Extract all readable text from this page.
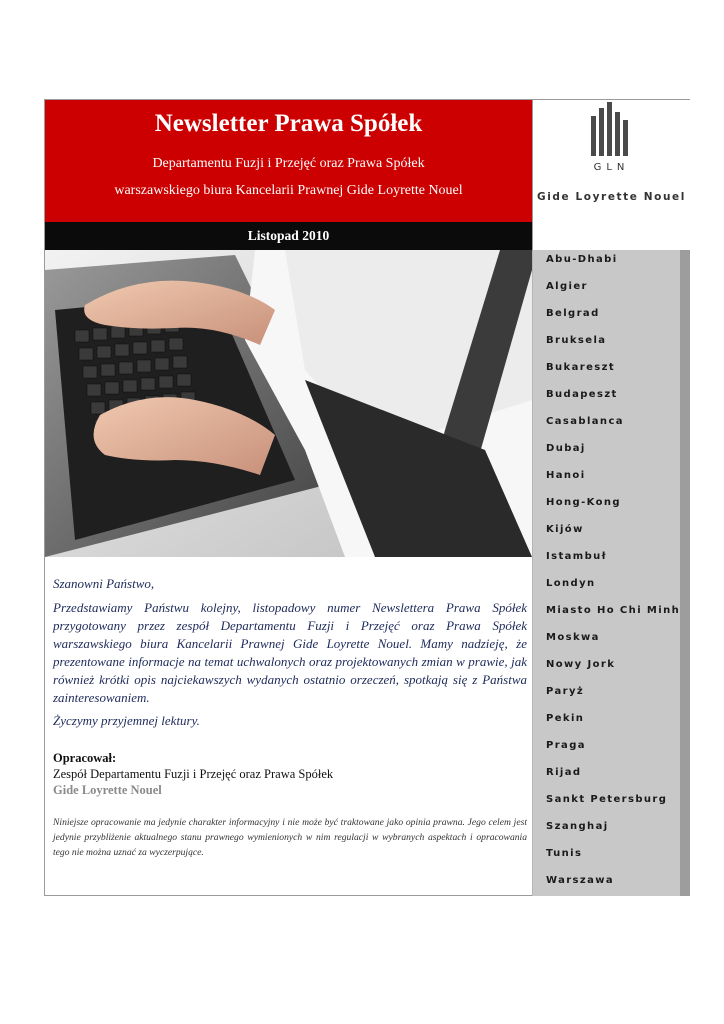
Newsletter Prawa Spółek
Departamentu Fuzji i Przejęć oraz Prawa Spółek
warszawskiego biura Kancelarii Prawnej Gide Loyrette Nouel
GLN
Gide Loyrette Nouel
Listopad 2010
Abu-Dhabi
Algier
Belgrad
Bruksela
Bukareszt
Budapeszt
Casablanca
Dubaj
Hanoi
Hong-Kong
Kijów
Istambuł
Londyn
Miasto Ho Chi Minh
Moskwa
Nowy Jork
Paryż
Pekin
Praga
Rijad
Sankt Petersburg
Szanghaj
Tunis
Warszawa
Szanowni Państwo,
Przedstawiamy Państwu kolejny, listopadowy numer Newslettera Prawa Spółek przygotowany przez zespół Departamentu Fuzji i Przejęć oraz Prawa Spółek warszawskiego biura Kancelarii Prawnej Gide Loyrette Nouel. Mamy nadzieję, że prezentowane informacje na temat uchwalonych oraz projektowanych zmian w prawie, jak również krótki opis najciekawszych wydanych ostatnio orzeczeń, spotkają się z Państwa zainteresowaniem.
Życzymy przyjemnej lektury.
Opracował:
Zespół Departamentu Fuzji i Przejęć oraz Prawa Spółek
Gide Loyrette Nouel
Niniejsze opracowanie ma jedynie charakter informacyjny i nie może być traktowane jako opinia prawna. Jego celem jest jedynie przybliżenie aktualnego stanu prawnego wymienionych w nim regulacji w wybranych aspektach i opracowania tego nie można uznać za wyczerpujące.
